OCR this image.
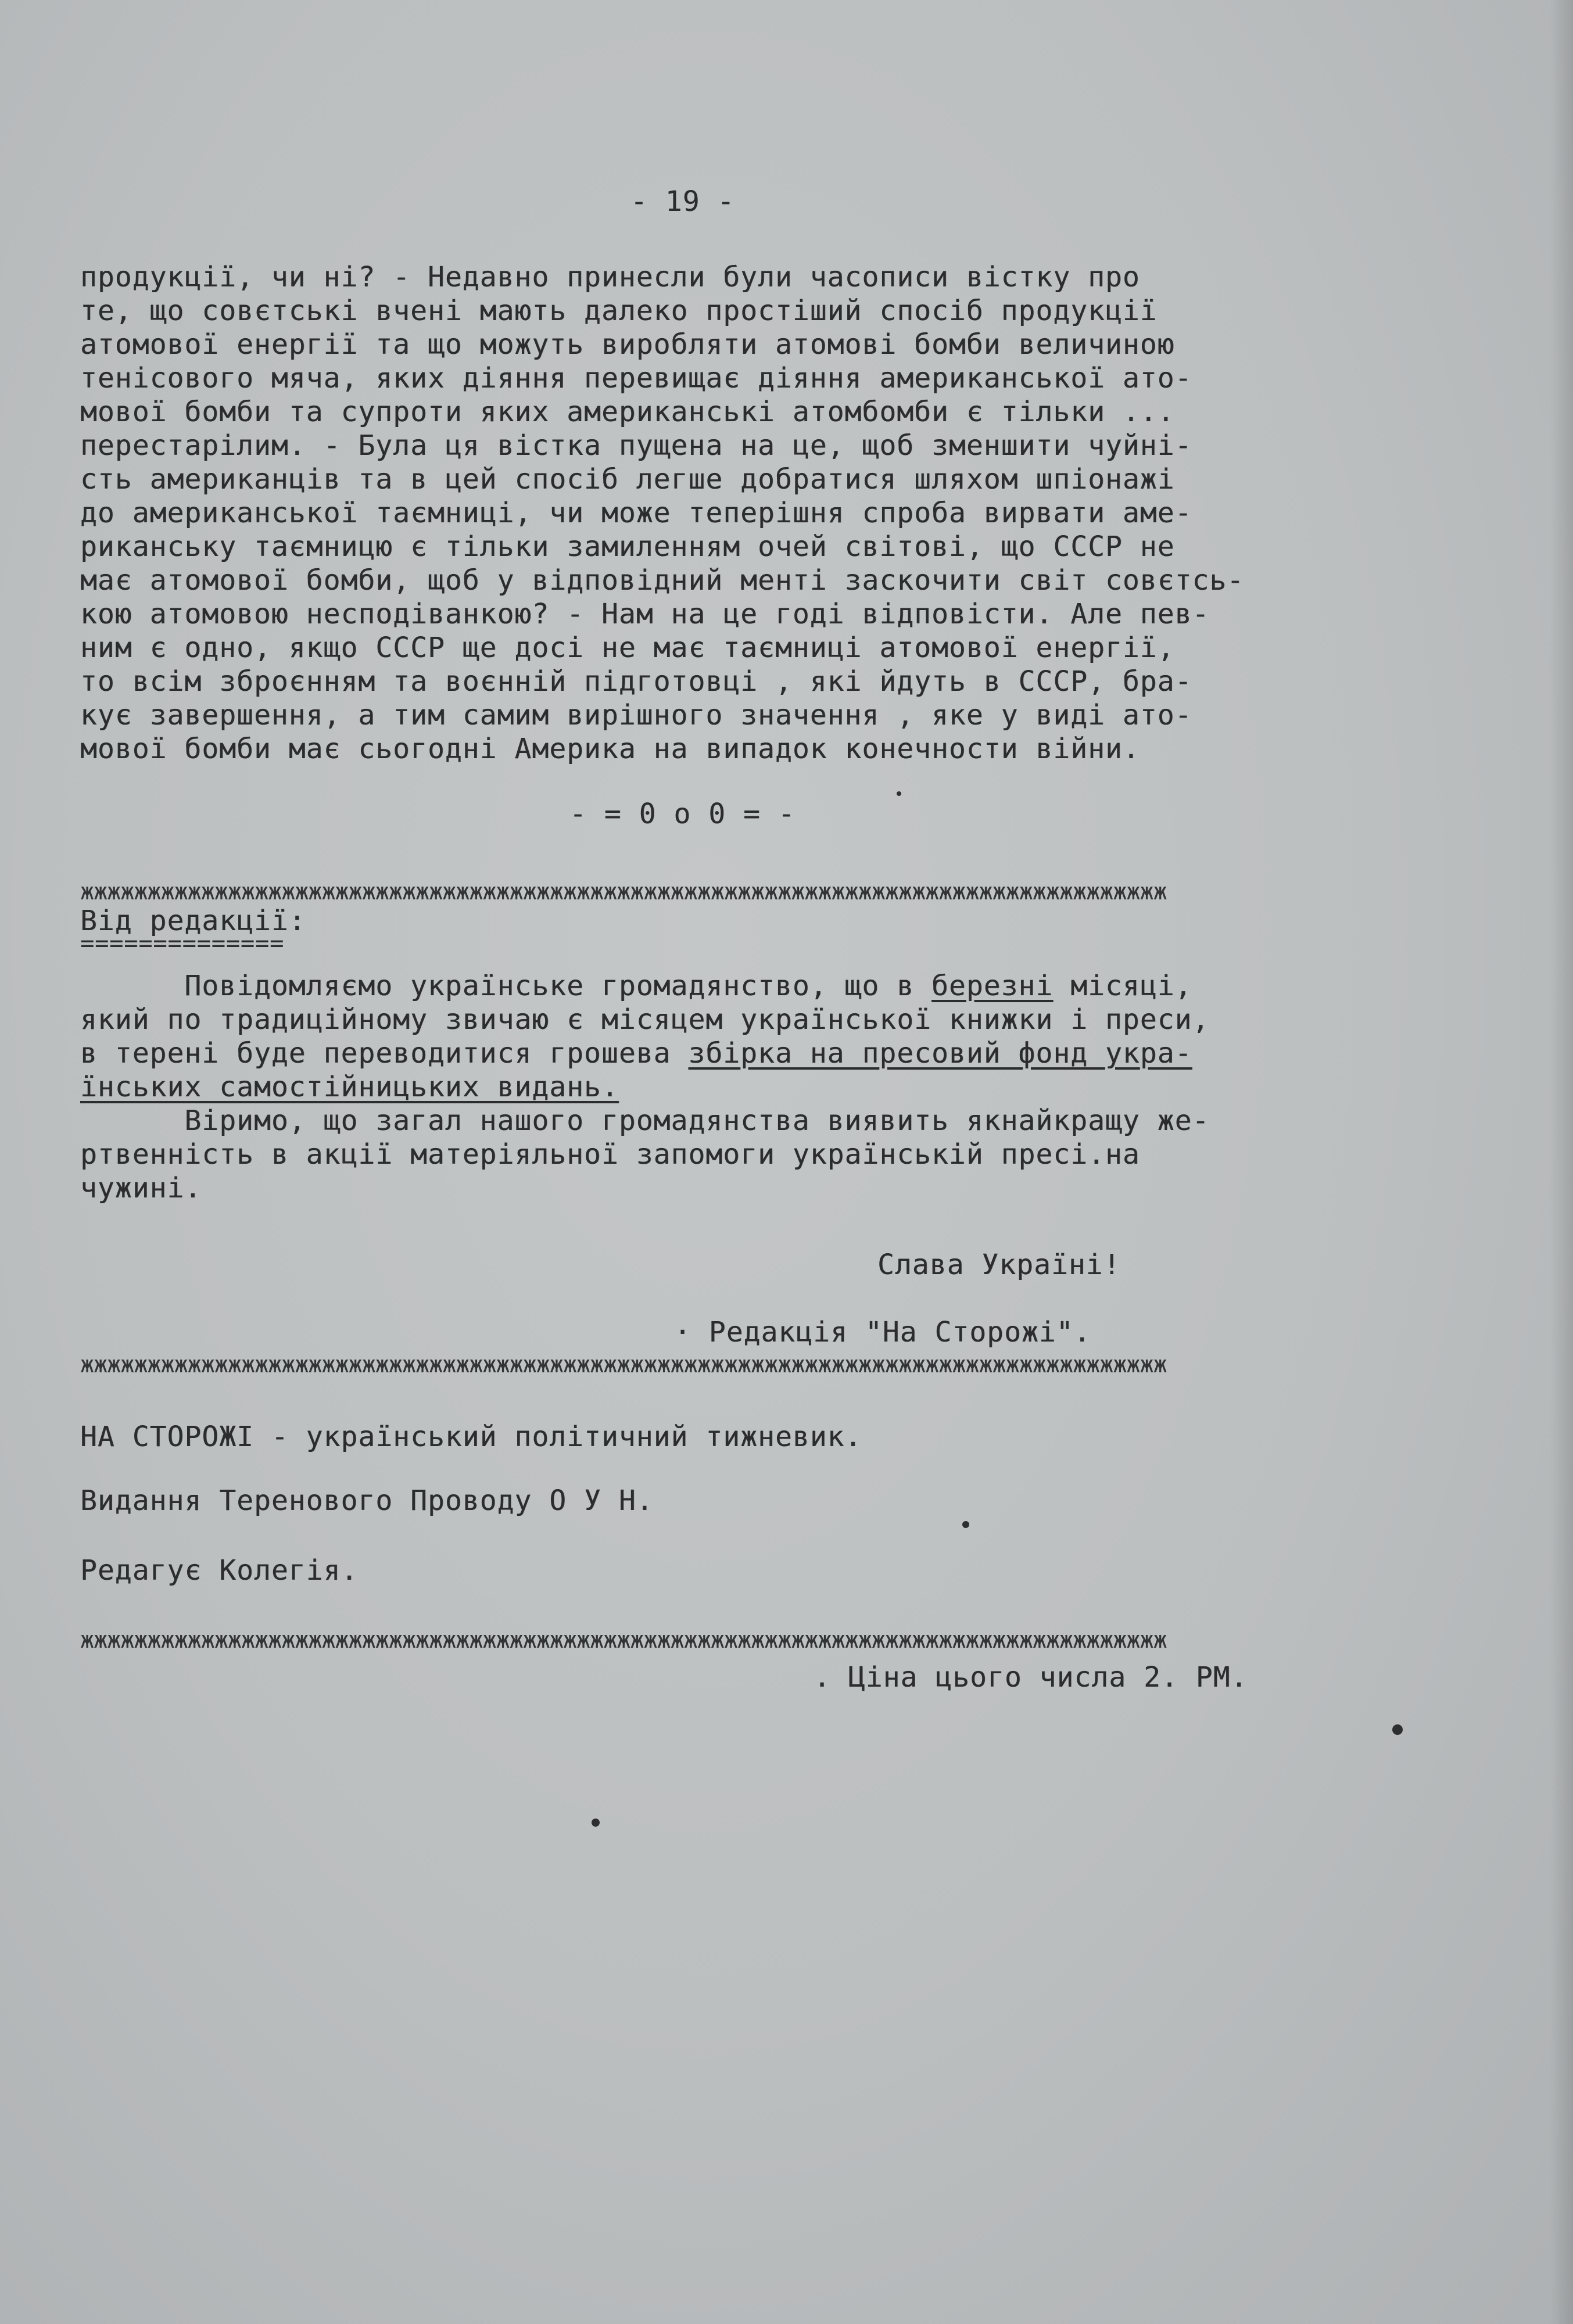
- 19 -
продукції, чи ні? - Недавно принесли були часописи вістку про
те, що совєтські вчені мають далеко простіший спосіб продукції
атомової енергії та що можуть виробляти атомові бомби величиною
тенісового мяча, яких діяння перевищає діяння американської ато-
мової бомби та супроти яких американські атомбомби є тільки ...
перестарілим. - Була ця вістка пущена на це, щоб зменшити чуйні-
сть американців та в цей спосіб легше добратися шляхом шпіонажі
до американської таємниці, чи може теперішня спроба вирвати аме-
риканську таємницю є тільки замиленням очей світові, що СССР не
має атомової бомби, щоб у відповідний менті заскочити світ совєтсь-
кою атомовою несподіванкою? - Нам на це годі відповісти. Але пев-
ним є одно, якщо СССР ще досі не має таємниці атомової енергії,
то всім зброєнням та воєнній підготовці , які йдуть в СССР, бра-
кує завершення, а тим самим вирішного значення , яке у виді ато-
мової бомби має сьогодні Америка на випадок конечности війни.
- = 0 o 0 = -
жжжжжжжжжжжжжжжжжжжжжжжжжжжжжжжжжжжжжжжжжжжжжжжжжжжжжжжжжжжжжжжжжжжжжжжжжжжжжжжжж
Від редакції:
==============
Повідомляємо українське громадянство, що в березні місяці,
який по традиційному звичаю є місяцем української книжки і преси,
в терені буде переводитися грошева збірка на пресовий фонд укра-
їнських самостійницьких видань.
Віримо, що загал нашого громадянства виявить якнайкращу же-
ртвенність в акції матеріяльної запомоги українській пресі.на
чужині.
Слава Україні!
· Редакція "На Сторожі".
жжжжжжжжжжжжжжжжжжжжжжжжжжжжжжжжжжжжжжжжжжжжжжжжжжжжжжжжжжжжжжжжжжжжжжжжжжжжжжжжж
НА СТОРОЖІ - український політичний тижневик.
Видання Теренового Проводу О У Н.
Редагує Колегія.
жжжжжжжжжжжжжжжжжжжжжжжжжжжжжжжжжжжжжжжжжжжжжжжжжжжжжжжжжжжжжжжжжжжжжжжжжжжжжжжжж
. Ціна цього числа 2. РМ.
